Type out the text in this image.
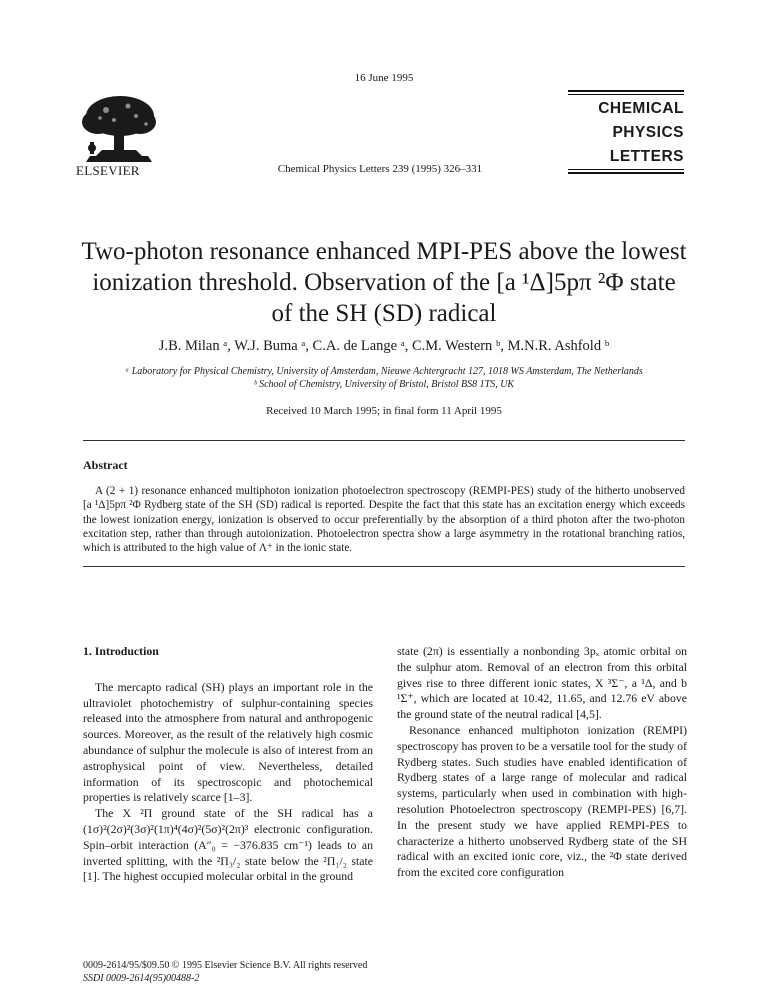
16 June 1995
ELSEVIER	Chemical Physics Letters 239 (1995) 326–331
CHEMICAL
PHYSICS
LETTERS
Two-photon resonance enhanced MPI-PES above the lowest
ionization threshold. Observation of the [a ¹Δ]5pπ ²Φ state
of the SH (SD) radical
J.B. Milan ᵃ, W.J. Buma ᵃ, C.A. de Lange ᵃ, C.M. Western ᵇ, M.N.R. Ashfold ᵇ
ᵃ Laboratory for Physical Chemistry, University of Amsterdam, Nieuwe Achtergracht 127, 1018 WS Amsterdam, The Netherlands
ᵇ School of Chemistry, University of Bristol, Bristol BS8 1TS, UK
Received 10 March 1995; in final form 11 April 1995
Abstract
A (2 + 1) resonance enhanced multiphoton ionization photoelectron spectroscopy (REMPI-PES) study of the hitherto unobserved [a ¹Δ]5pπ ²Φ Rydberg state of the SH (SD) radical is reported. Despite the fact that this state has an excitation energy which exceeds the lowest ionization energy, ionization is observed to occur preferentially by the absorption of a third photon after the two-photon excitation step, rather than through autoionization. Photoelectron spectra show a large asymmetry in the rotational branching ratios, which is attributed to the high value of Λ⁺ in the ionic state.
1. Introduction

The mercapto radical (SH) plays an important role in the ultraviolet photochemistry of sulphur-containing species released into the atmosphere from natural and anthropogenic sources. Moreover, as the result of the relatively high cosmic abundance of sulphur the molecule is also of interest from an astrophysical point of view. Nevertheless, detailed information of its spectroscopic and photochemical properties is relatively scarce [1–3].

The X ²Π ground state of the SH radical has a (1σ)²(2σ)²(3σ)²(1π)⁴(4σ)²(5σ)²(2π)³ electronic configuration. Spin–orbit interaction (A″₀ = −376.835 cm⁻¹) leads to an inverted splitting, with the ²Π₃/₂ state below the ²Π₁/₂ state [1]. The highest occupied molecular orbital in the ground

state (2π) is essentially a nonbonding 3pₓ atomic orbital on the sulphur atom. Removal of an electron from this orbital gives rise to three different ionic states, X ³Σ⁻, a ¹Δ, and b ¹Σ⁺, which are located at 10.42, 11.65, and 12.76 eV above the ground state of the neutral radical [4,5].

Resonance enhanced multiphoton ionization (REMPI) spectroscopy has proven to be a versatile tool for the study of Rydberg states. Such studies have enabled identification of Rydberg states of a large range of molecular and radical systems, particularly when used in combination with high-resolution Photoelectron spectroscopy (REMPI-PES) [6,7]. In the present study we have applied REMPI-PES to characterize a hitherto unobserved Rydberg state of the SH radical with an excited ionic core, viz., the ²Φ state derived from the excited core configuration

0009-2614/95/$09.50 © 1995 Elsevier Science B.V. All rights reserved
SSDI 0009-2614(95)00488-2
